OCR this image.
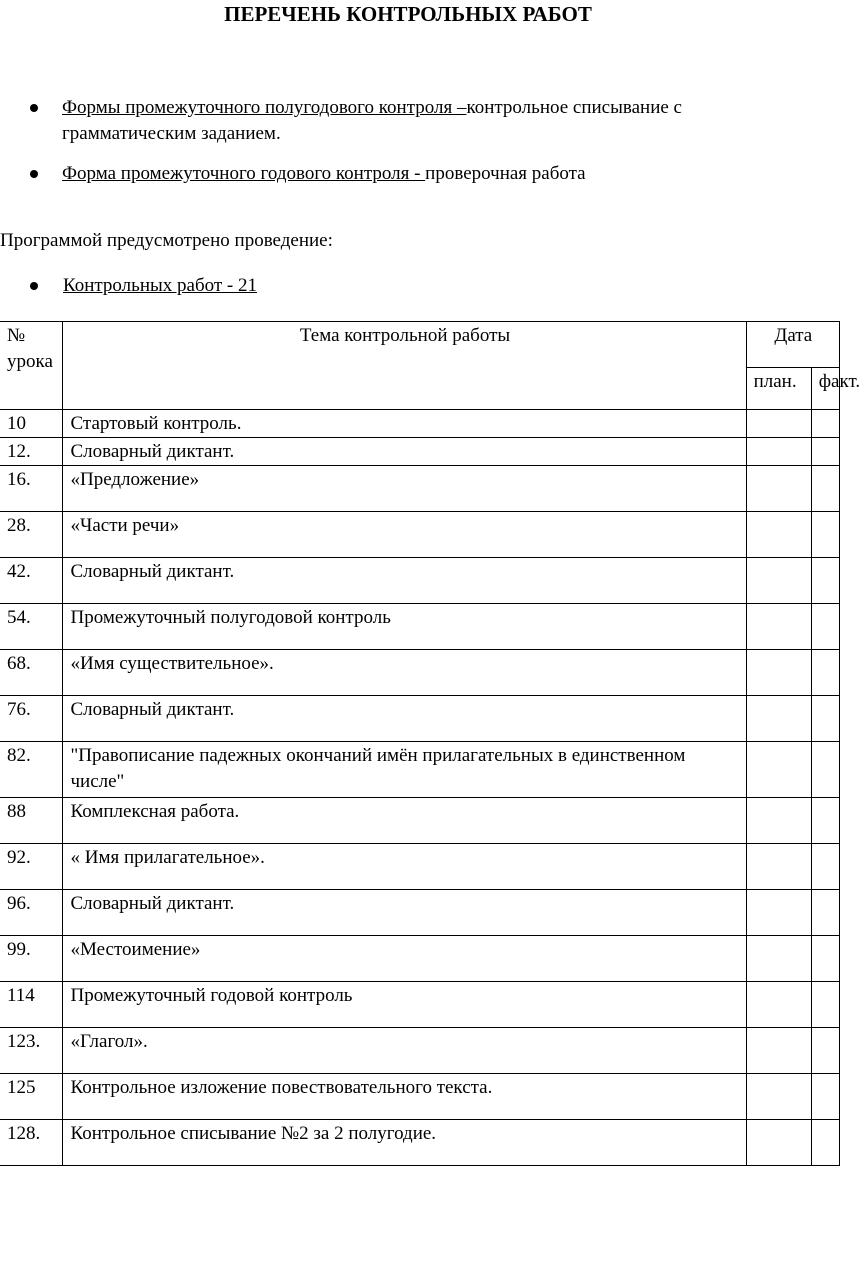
ПЕРЕЧЕНЬ КОНТРОЛЬНЫХ РАБОТ
Формы промежуточного полугодового контроля –контрольное списывание с грамматическим заданием.
Форма промежуточного годового контроля - проверочная работа

Программой предусмотрено проведение:

Контрольных работ - 21
№ урока	Тема контрольной работы	Дата	
		план.	факт.
10	Стартовый контроль.		
12.	Словарный диктант.		
16.	«Предложение»		
28.	«Части речи»		
42.	Словарный диктант.		
54.	Промежуточный полугодовой контроль		
68.	«Имя существительное».		
76.	Словарный диктант.		
82.	"Правописание падежных окончаний имён прилагательных в единственном числе"		
88	Комплексная работа.		
92.	« Имя прилагательное».		
96.	Словарный диктант.		
99.	«Местоимение»		
114	Промежуточный годовой контроль		
123.	«Глагол».		
125	Контрольное изложение повествовательного текста.		
128.	Контрольное списывание №2 за 2 полугодие.		
